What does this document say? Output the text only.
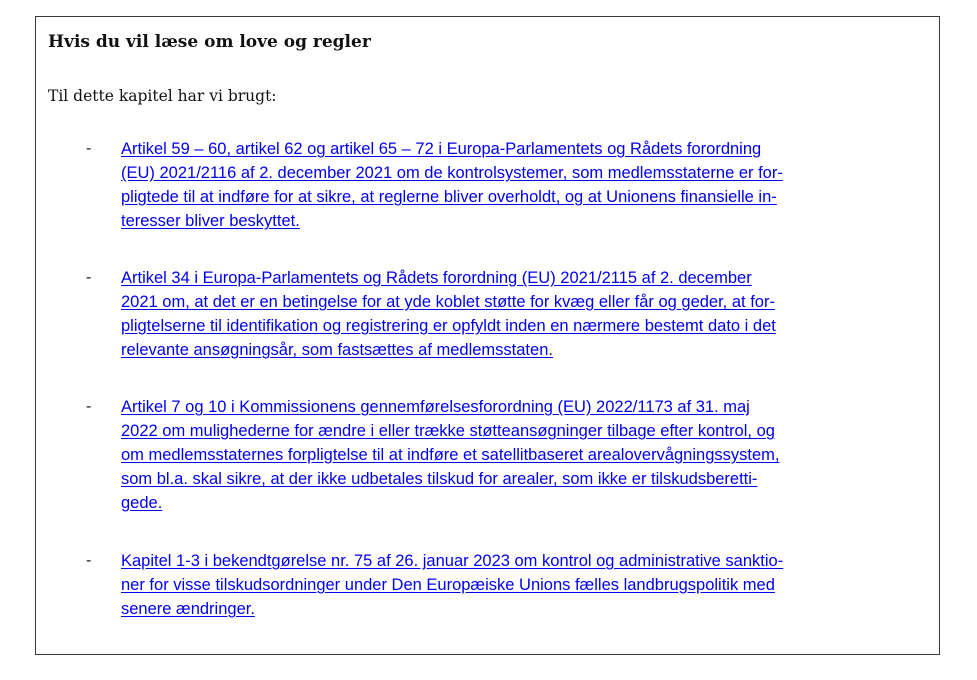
Hvis du vil læse om love og regler
Til dette kapitel har vi brugt:
- Artikel 59 – 60, artikel 62 og artikel 65 – 72 i Europa-Parlamentets og Rådets forordning
(EU) 2021/2116 af 2. december 2021 om de kontrolsystemer, som medlemsstaterne er for-
pligtede til at indføre for at sikre, at reglerne bliver overholdt, og at Unionens finansielle in-
teresser bliver beskyttet.
- Artikel 34 i Europa-Parlamentets og Rådets forordning (EU) 2021/2115 af 2. december
2021 om, at det er en betingelse for at yde koblet støtte for kvæg eller får og geder, at for-
pligtelserne til identifikation og registrering er opfyldt inden en nærmere bestemt dato i det
relevante ansøgningsår, som fastsættes af medlemsstaten.
- Artikel 7 og 10 i Kommissionens gennemførelsesforordning (EU) 2022/1173 af 31. maj
2022 om mulighederne for ændre i eller trække støtteansøgninger tilbage efter kontrol, og
om medlemsstaternes forpligtelse til at indføre et satellitbaseret arealovervågningssystem,
som bl.a. skal sikre, at der ikke udbetales tilskud for arealer, som ikke er tilskudsberetti-
gede.
- Kapitel 1-3 i bekendtgørelse nr. 75 af 26. januar 2023 om kontrol og administrative sanktio-
ner for visse tilskudsordninger under Den Europæiske Unions fælles landbrugspolitik med
senere ændringer.
